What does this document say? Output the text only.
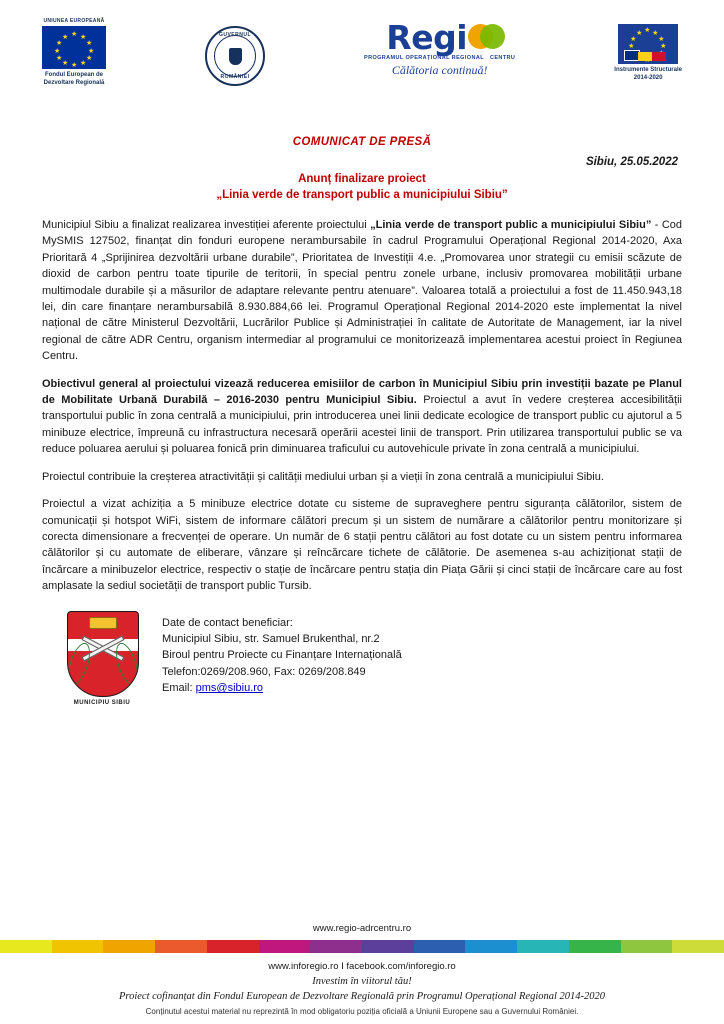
UNIUNEA EUROPEANĂ
★ ★
★
★
★
★
★
★
★
★
★
★
Fondul European de
Dezvoltare Regională
GUVERNUL
ROMÂNIEI
Regi
PROGRAMUL OPERAȚIONAL REGIONAL CENTRU
Călătoria continuă!
★ ★
★
★
★
★
★
Instrumente Structurale
2014-2020
COMUNICAT DE PRESĂ
Sibiu, 25.05.2022
Anunț finalizare proiect
„Linia verde de transport public a municipiului Sibiu”

Municipiul Sibiu a finalizat realizarea investiției aferente proiectului „Linia verde de transport public a municipiului Sibiu” - Cod MySMIS 127502, finanțat din fonduri europene nerambursabile în cadrul Programului Operațional Regional 2014-2020, Axa Prioritară 4 „Sprijinirea dezvoltării urbane durabile”, Prioritatea de Investiții 4.e. „Promovarea unor strategii cu emisii scăzute de dioxid de carbon pentru toate tipurile de teritorii, în special pentru zonele urbane, inclusiv promovarea mobilității urbane multimodale durabile și a măsurilor de adaptare relevante pentru atenuare”. Valoarea totală a proiectului a fost de 11.450.943,18 lei, din care finanțare nerambursabilă 8.930.884,66 lei. Programul Operațional Regional 2014-2020 este implementat la nivel național de către Ministerul Dezvoltării, Lucrărilor Publice și Administrației în calitate de Autoritate de Management, iar la nivel regional de către ADR Centru, organism intermediar al programului ce monitorizează implementarea acestui proiect în Regiunea Centru.

Obiectivul general al proiectului vizează reducerea emisiilor de carbon în Municipiul Sibiu prin investiții bazate pe Planul de Mobilitate Urbană Durabilă – 2016-2030 pentru Municipiul Sibiu. Proiectul a avut în vedere creșterea accesibilității transportului public în zona centrală a municipiului, prin introducerea unei linii dedicate ecologice de transport public cu ajutorul a 5 minibuze electrice, împreună cu infrastructura necesară operării acestei linii de transport. Prin utilizarea transportului public se va reduce poluarea aerului și poluarea fonică prin diminuarea traficului cu autovehicule private în zona centrală a municipiului.

Proiectul contribuie la creșterea atractivității și calității mediului urban și a vieții în zona centrală a municipiului Sibiu.

Proiectul a vizat achiziția a 5 minibuze electrice dotate cu sisteme de supraveghere pentru siguranța călătorilor, sistem de comunicații și hotspot WiFi, sistem de informare călători precum și un sistem de numărare a călătorilor pentru monitorizare și corecta dimensionare a frecvenței de operare. Un număr de 6 stații pentru călători au fost dotate cu un sistem pentru informarea călătorilor și cu automate de eliberare, vânzare și reîncărcare tichete de călătorie. De asemenea s-au achiziționat stații de încărcare a minibuzelor electrice, respectiv o stație de încărcare pentru stația din Piața Gării și cinci stații de încărcare care au fost amplasate la sediul societății de transport public Tursib.

MUNICIPIU SIBIU
Date de contact beneficiar:
Municipiul Sibiu, str. Samuel Brukenthal, nr.2
Biroul pentru Proiecte cu Finanțare Internațională
Telefon:0269/208.960, Fax: 0269/208.849
Email: pms@sibiu.ro
www.regio-adrcentru.ro
www.inforegio.ro I facebook.com/inforegio.ro
Investim în viitorul tău!
Proiect cofinanțat din Fondul European de Dezvoltare Regională prin Programul Operațional Regional 2014-2020
Conținutul acestui material nu reprezintă în mod obligatoriu poziția oficială a Uniunii Europene sau a Guvernului României.
